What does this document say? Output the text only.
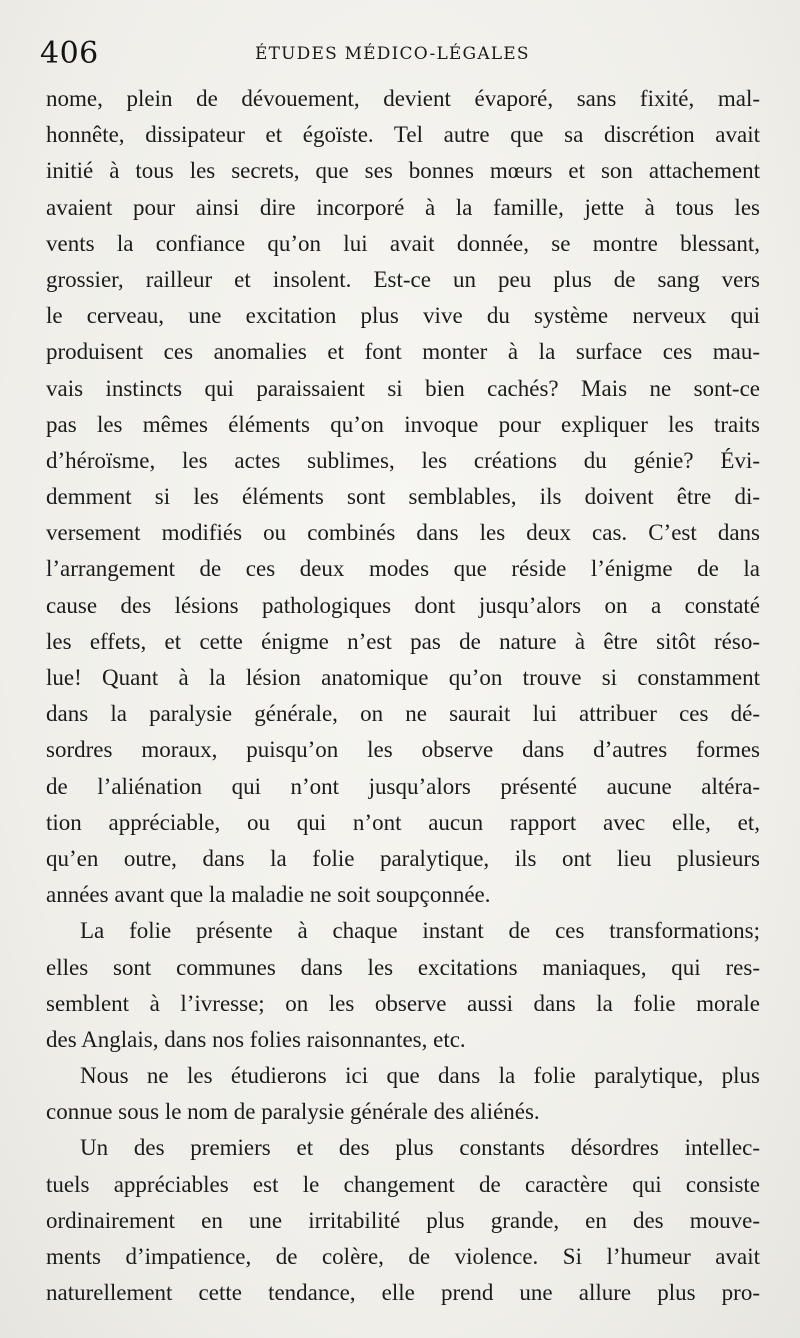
406	ÉTUDES MÉDICO-LÉGALES
nome, plein de dévouement, devient évaporé, sans fixité, mal-
honnête, dissipateur et égoïste. Tel autre que sa discrétion avait
initié à tous les secrets, que ses bonnes mœurs et son attachement
avaient pour ainsi dire incorporé à la famille, jette à tous les
vents la confiance qu’on lui avait donnée, se montre blessant,
grossier, railleur et insolent. Est-ce un peu plus de sang vers
le cerveau, une excitation plus vive du système nerveux qui
produisent ces anomalies et font monter à la surface ces mau-
vais instincts qui paraissaient si bien cachés? Mais ne sont-ce
pas les mêmes éléments qu’on invoque pour expliquer les traits
d’héroïsme, les actes sublimes, les créations du génie? Évi-
demment si les éléments sont semblables, ils doivent être di-
versement modifiés ou combinés dans les deux cas. C’est dans
l’arrangement de ces deux modes que réside l’énigme de la
cause des lésions pathologiques dont jusqu’alors on a constaté
les effets, et cette énigme n’est pas de nature à être sitôt réso-
lue! Quant à la lésion anatomique qu’on trouve si constamment
dans la paralysie générale, on ne saurait lui attribuer ces dé-
sordres moraux, puisqu’on les observe dans d’autres formes
de l’aliénation qui n’ont jusqu’alors présenté aucune altéra-
tion appréciable, ou qui n’ont aucun rapport avec elle, et,
qu’en outre, dans la folie paralytique, ils ont lieu plusieurs
années avant que la maladie ne soit soupçonnée.
La folie présente à chaque instant de ces transformations;
elles sont communes dans les excitations maniaques, qui res-
semblent à l’ivresse; on les observe aussi dans la folie morale
des Anglais, dans nos folies raisonnantes, etc.
Nous ne les étudierons ici que dans la folie paralytique, plus
connue sous le nom de paralysie générale des aliénés.
Un des premiers et des plus constants désordres intellec-
tuels appréciables est le changement de caractère qui consiste
ordinairement en une irritabilité plus grande, en des mouve-
ments d’impatience, de colère, de violence. Si l’humeur avait
naturellement cette tendance, elle prend une allure plus pro-
